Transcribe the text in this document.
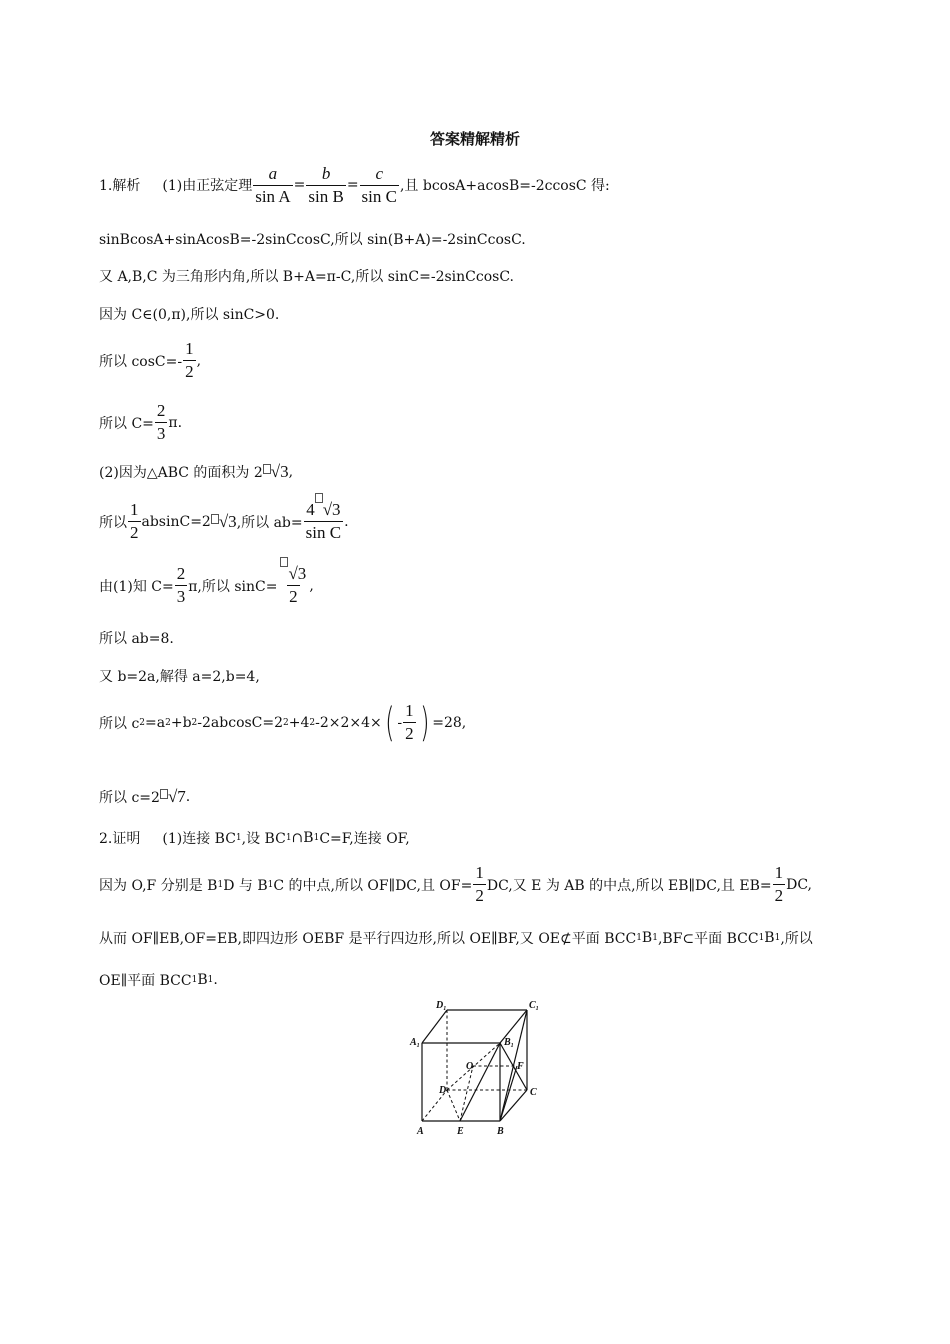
答案精解精析
1.解析 (1)由正弦定理 $\frac{a}{\text{sin A}} = \frac{b}{\text{sin B}} = \frac{c}{\text{sin C}}$ ,且 bcosA+acosB=-2ccosC 得:
sinBcosA+sinAcosB=-2sinCcosC,所以 sin(B+A)=-2sinCcosC.
又 A,B,C 为三角形内角,所以 B+A=π-C,所以 sinC=-2sinCcosC.
因为 C∈(0,π),所以 sinC>0.
所以 $\cos C=- \frac{1}{2}$ ,
所以 $C= \frac{2}{3} \pi$.
(2)因为△ABC 的面积为 2 √3 ,
所以 $\frac{1}{2} absinC=2$ √3 ,所以 $ab= \frac{4 √3}{\text{sin C}}$ .
由(1)知 $C= \frac{2}{3} \pi$,所以 $\sin C= \frac{√3}{2}$ ,
所以 ab=8.
又 b=2a,解得 a=2,b=4,
所以 c 2 =a 2 +b 2 -2abcosC=2 2 +4 2 -2×2×4× ( - $\frac{1}{2}$ ) =28,
所以 c=2 √7 .
2.证明 (1)连接 BC 1 ,设 BC 1 ∩B 1 C=F,连接 OF,
因为 O,F 分别是 B 1 D 与 B 1 C 的中点,所以 OF∥DC,且 $OF= \frac{1}{2}$ DC,又 E 为 AB 的中点,所以 EB∥DC,且 $EB= \frac{1}{2}$ DC,
从而 OF∥EB,OF=EB,即四边形 OEBF 是平行四边形,所以 OE∥BF,又 OE⊄平面 BCC 1 B 1 ,BF⊂平面 BCC 1 B 1 ,所以
OE∥平面 BCC 1 B 1 .
$D_1$	$C_1$
$A_1$	$B_1$
O	F
D	C
A	E	B
